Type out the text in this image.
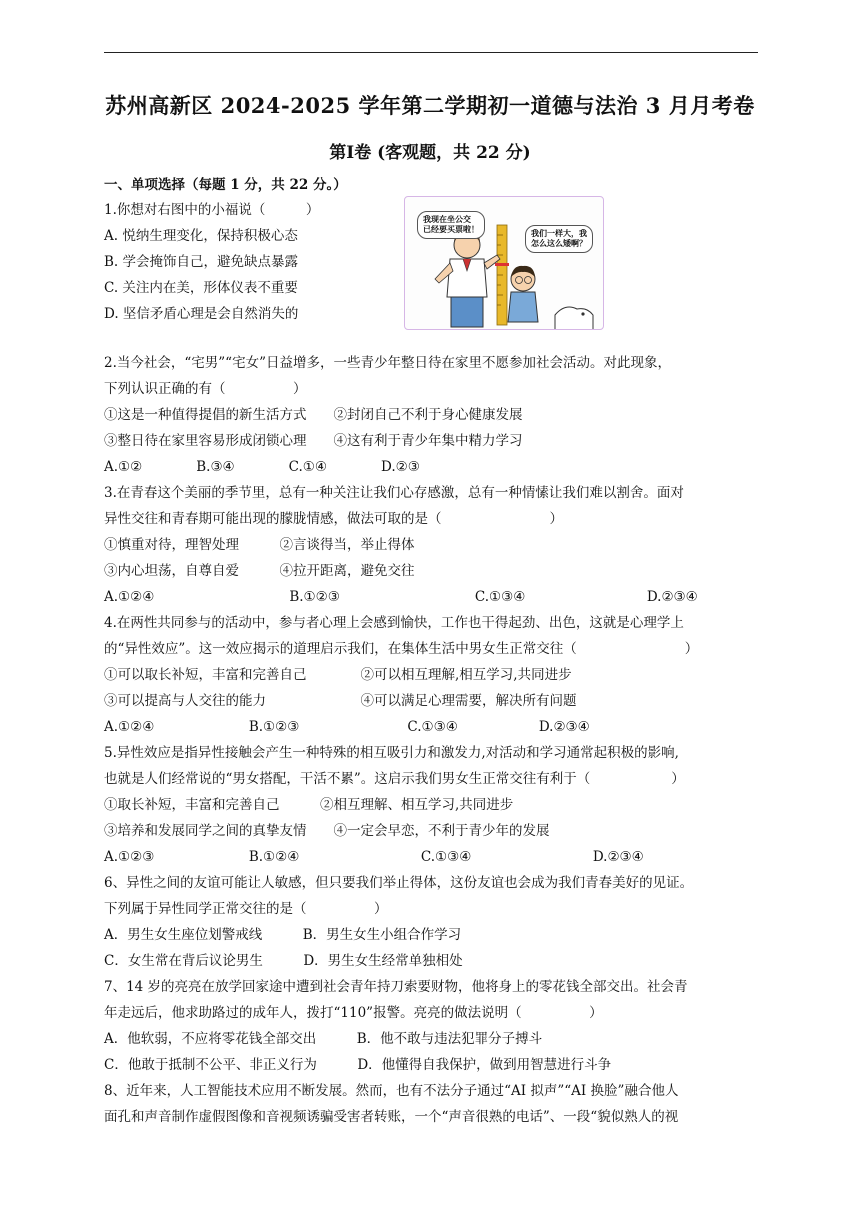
苏州高新区 2024-2025 学年第二学期初一道德与法治 3 月月考卷
第Ⅰ卷 (客观题，共 22 分)
一、单项选择（每题 1 分，共 22 分。）
我现在坐公交
已经要买票啦！	我们一样大，我
怎么这么矮啊？
1.你想对右图中的小福说（　　　）
A. 悦纳生理变化，保持积极心态
B. 学会掩饰自己，避免缺点暴露
C. 关注内在美，形体仪表不重要
D. 坚信矛盾心理是会自然消失的
2.当今社会，“宅男”“宅女”日益增多，一些青少年整日待在家里不愿参加社会活动。对此现象，
下列认识正确的有（　　　　　）
①这是一种值得提倡的新生活方式　　②封闭自己不利于身心健康发展
③整日待在家里容易形成闭锁心理　　④这有利于青少年集中精力学习
A.①②　　　　B.③④　　　　C.①④　　　　D.②③
3.在青春这个美丽的季节里，总有一种关注让我们心存感激，总有一种情愫让我们难以割舍。面对
异性交往和青春期可能出现的朦胧情感，做法可取的是（　　　　　　　　）
①慎重对待，理智处理　　　②言谈得当，举止得体
③内心坦荡，自尊自爱　　　④拉开距离，避免交往
A.①②④　　　　　　　　　　B.①②③　　　　　　　　　　C.①③④　　　　　　　　　D.②③④
4.在两性共同参与的活动中，参与者心理上会感到愉快，工作也干得起劲、出色，这就是心理学上
的“异性效应”。这一效应揭示的道理启示我们，在集体生活中男女生正常交往（　　　　　　　　）
①可以取长补短，丰富和完善自己　　　　②可以相互理解,相互学习,共同进步
③可以提高与人交往的能力　　　　　　　④可以满足心理需要，解决所有问题
A.①②④　　　　　　　B.①②③　　　　　　　　C.①③④　　　　　　D.②③④
5.异性效应是指异性接触会产生一种特殊的相互吸引力和激发力,对活动和学习通常起积极的影响,
也就是人们经常说的“男女搭配，干活不累”。这启示我们男女生正常交往有利于（　　　　　　）
①取长补短，丰富和完善自己　　　②相互理解、相互学习,共同进步
③培养和发展同学之间的真挚友情　　④一定会早恋，不利于青少年的发展
A.①②③　　　　　　　B.①②④　　　　　　　　　C.①③④　　　　　　　　　D.②③④
6、异性之间的友谊可能让人敏感，但只要我们举止得体，这份友谊也会成为我们青春美好的见证。
下列属于异性同学正常交往的是（　　　　　）
A．男生女生座位划警戒线　　　B．男生女生小组合作学习
C．女生常在背后议论男生　　　D．男生女生经常单独相处
7、14 岁的亮亮在放学回家途中遭到社会青年持刀索要财物，他将身上的零花钱全部交出。社会青
年走远后，他求助路过的成年人，拨打“110”报警。亮亮的做法说明（　　　　　）
A．他软弱，不应将零花钱全部交出　　　B．他不敢与违法犯罪分子搏斗
C．他敢于抵制不公平、非正义行为　　　D．他懂得自我保护，做到用智慧进行斗争
8、近年来，人工智能技术应用不断发展。然而，也有不法分子通过“AI 拟声”“AI 换脸”融合他人
面孔和声音制作虚假图像和音视频诱骗受害者转账，一个“声音很熟的电话”、一段“貌似熟人的视
